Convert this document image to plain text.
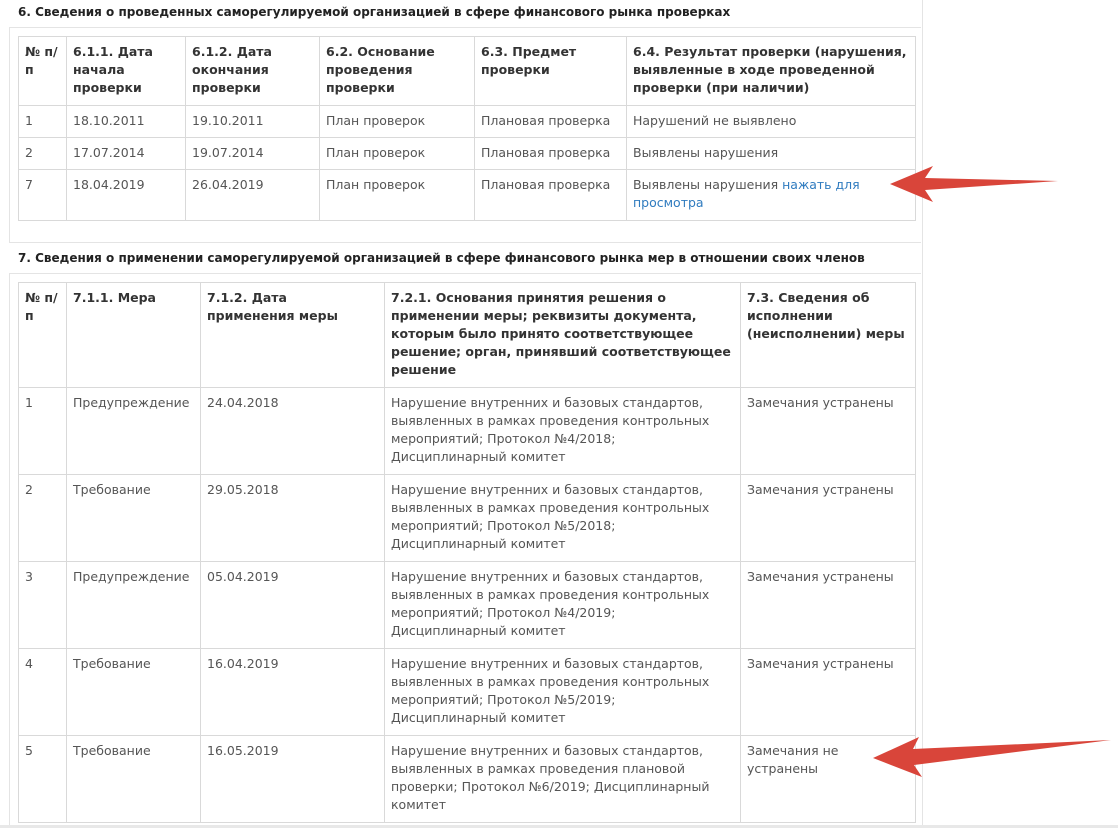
6. Сведения о проведенных саморегулируемой организацией в сфере финансового рынка проверках
№ п/п	6.1.1. Дата начала проверки	6.1.2. Дата окончания проверки	6.2. Основание проведения проверки	6.3. Предмет проверки	6.4. Результат проверки (нарушения, выявленные в ходе проведенной проверки (при наличии)
1	18.10.2011	19.10.2011	План проверок	Плановая проверка	Нарушений не выявлено
2	17.07.2014	19.07.2014	План проверок	Плановая проверка	Выявлены нарушения
7	18.04.2019	26.04.2019	План проверок	Плановая проверка	Выявлены нарушения нажать для просмотра
7. Сведения о применении саморегулируемой организацией в сфере финансового рынка мер в отношении своих членов
№ п/п	7.1.1. Мера	7.1.2. Дата применения меры	7.2.1. Основания принятия решения о применении меры; реквизиты документа, которым было принято соответствующее решение; орган, принявший соответствующее решение	7.3. Сведения об исполнении (неисполнении) меры
1	Предупреждение	24.04.2018	Нарушение внутренних и базовых стандартов, выявленных в рамках проведения контрольных мероприятий; Протокол №4/2018; Дисциплинарный комитет	Замечания устранены
2	Требование	29.05.2018	Нарушение внутренних и базовых стандартов, выявленных в рамках проведения контрольных мероприятий; Протокол №5/2018; Дисциплинарный комитет	Замечания устранены
3	Предупреждение	05.04.2019	Нарушение внутренних и базовых стандартов, выявленных в рамках проведения контрольных мероприятий; Протокол №4/2019; Дисциплинарный комитет	Замечания устранены
4	Требование	16.04.2019	Нарушение внутренних и базовых стандартов, выявленных в рамках проведения контрольных мероприятий; Протокол №5/2019; Дисциплинарный комитет	Замечания устранены
5	Требование	16.05.2019	Нарушение внутренних и базовых стандартов, выявленных в рамках проведения плановой проверки; Протокол №6/2019; Дисциплинарный комитет	Замечания не устранены
